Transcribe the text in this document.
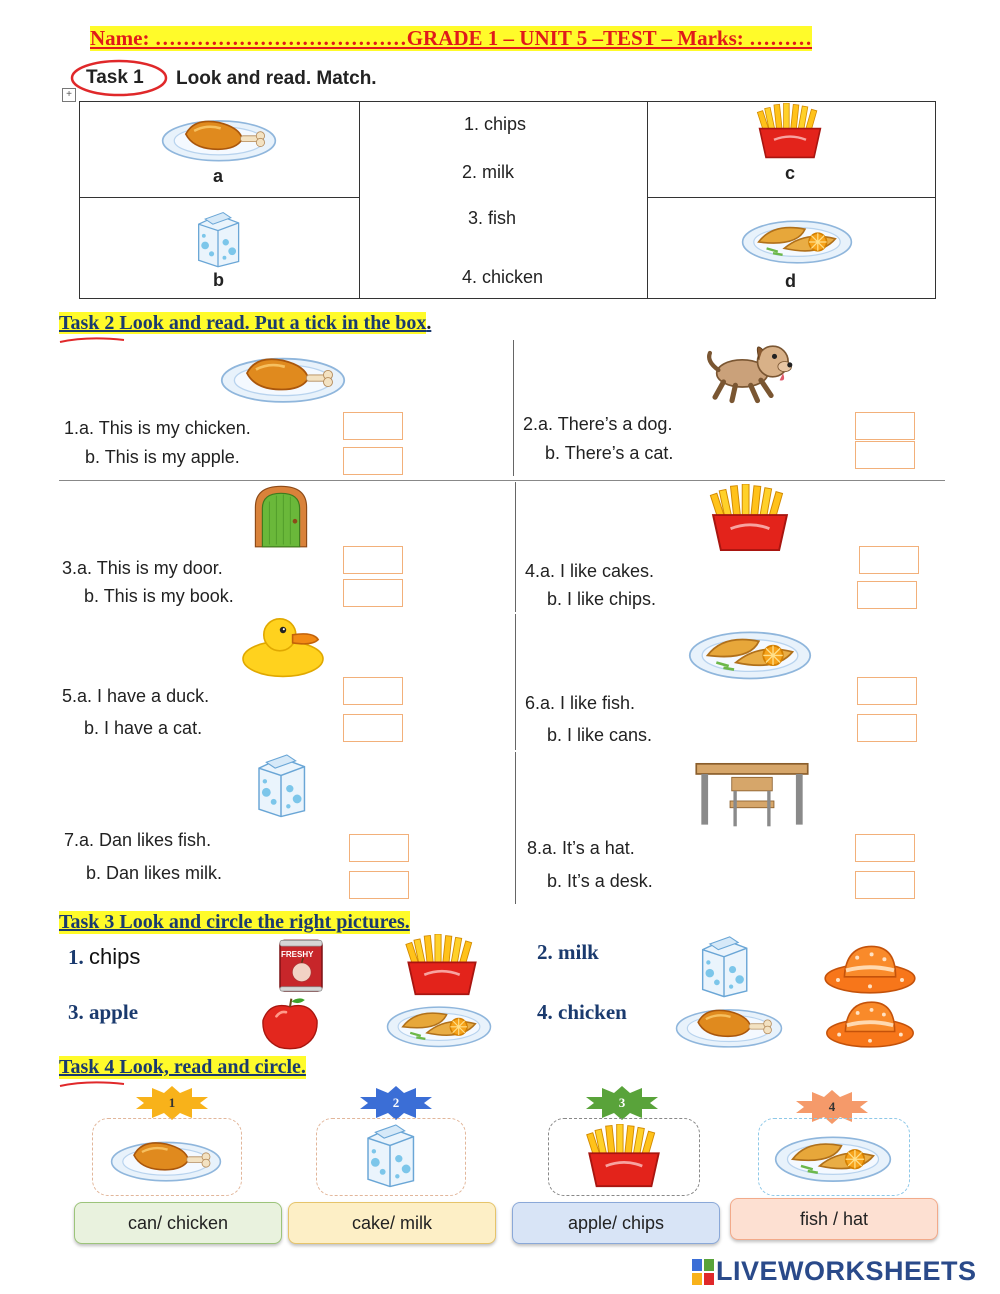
Name: ………………………………GRADE 1 – UNIT 5 –TEST – Marks: ………
Task 1 Look and read. Match.
+
a
b
c
d
1. chips
2. milk
3. fish
4. chicken
Task 2 Look and read. Put a tick in the box.
1.a. This is my chicken.
b. This is my apple.
2.a. There’s a dog.
b. There’s a cat.
3.a. This is my door.
b. This is my book.
4.a. I like cakes.
b. I like chips.
5.a. I have a duck.
b. I have a cat.
6.a. I like fish.
b. I like cans.
7.a. Dan likes fish.
b. Dan likes milk.
8.a. It’s a hat.
b. It’s a desk.
Task 3 Look and circle the right pictures.
1. chips	FRESHY	2. milk
3. apple	4. chicken
Task 4 Look, read and circle.
1	2	3	4
can/ chicken	cake/ milk	apple/ chips	fish / hat
LIVEWORKSHEETS
